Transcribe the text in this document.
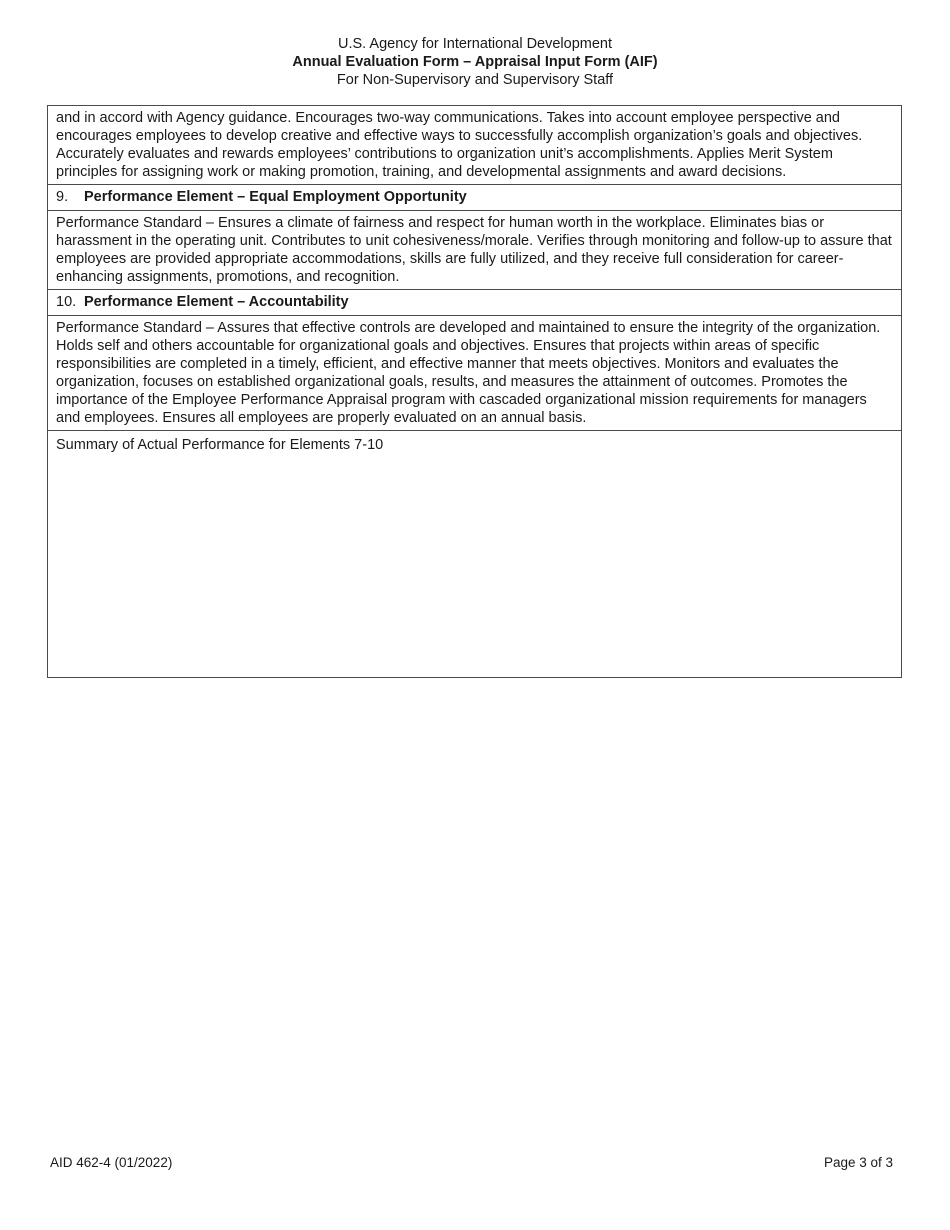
U.S. Agency for International Development
Annual Evaluation Form – Appraisal Input Form (AIF)
For Non-Supervisory and Supervisory Staff
and in accord with Agency guidance. Encourages two-way communications. Takes into account employee perspective and encourages employees to develop creative and effective ways to successfully accomplish organization’s goals and objectives. Accurately evaluates and rewards employees’ contributions to organization unit’s accomplishments. Applies Merit System principles for assigning work or making promotion, training, and developmental assignments and award decisions.
9. Performance Element – Equal Employment Opportunity
Performance Standard – Ensures a climate of fairness and respect for human worth in the workplace. Eliminates bias or harassment in the operating unit. Contributes to unit cohesiveness/morale. Verifies through monitoring and follow-up to assure that employees are provided appropriate accommodations, skills are fully utilized, and they receive full consideration for career-enhancing assignments, promotions, and recognition.
10. Performance Element – Accountability
Performance Standard – Assures that effective controls are developed and maintained to ensure the integrity of the organization. Holds self and others accountable for organizational goals and objectives. Ensures that projects within areas of specific responsibilities are completed in a timely, efficient, and effective manner that meets objectives. Monitors and evaluates the organization, focuses on established organizational goals, results, and measures the attainment of outcomes. Promotes the importance of the Employee Performance Appraisal program with cascaded organizational mission requirements for managers and employees. Ensures all employees are properly evaluated on an annual basis.
Summary of Actual Performance for Elements 7-10
AID 462-4 (01/2022)	Page 3 of 3
